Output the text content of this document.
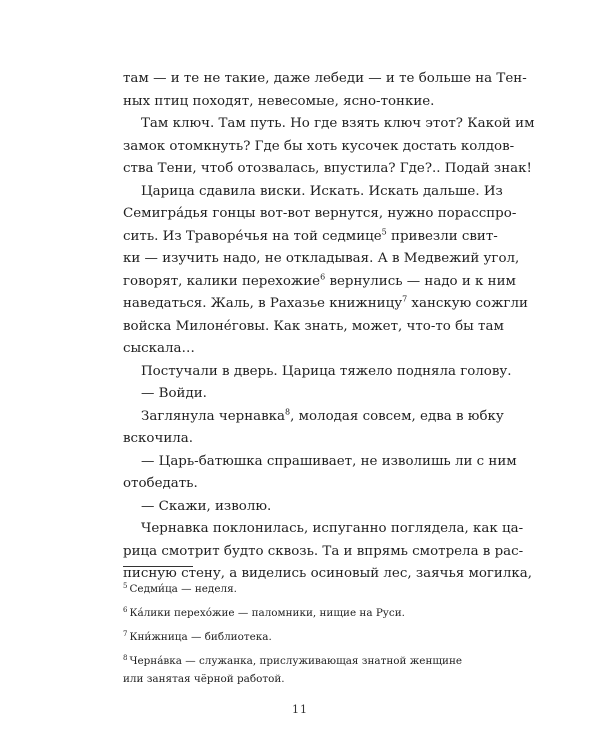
там — и те не такие, даже лебеди — и те больше на Тен-
ных птиц походят, невесомые, ясно-тонкие.
Там ключ. Там путь. Но где взять ключ этот? Какой им
замок отомкнуть? Где бы хоть кусочек достать колдов-
ства Тени, чтоб отозвалась, впустила? Где?.. Подай знак!
Царица сдавила виски. Искать. Искать дальше. Из
Семигра́дья гонцы вот-вот вернутся, нужно порасспро-
сить. Из Травоpе́чья на той седмице$^5$ привезли свит-
ки — изучить надо, не откладывая. А в Медвежий угол,
говорят, калики перехожие$^6$ вернулись — надо и к ним
наведаться. Жаль, в Рахазье книжницу$^7$ ханскую сожгли
войска Милоне́говы. Как знать, может, что-то бы там
сыскала…
Постучали в дверь. Царица тяжело подняла голову.
— Войди.
Заглянула чернавка$^8$, молодая совсем, едва в юбку
вскочила.
— Царь-батюшка спрашивает, не изволишь ли с ним
отобедать.
— Скажи, изволю.
Чернавка поклонилась, испуганно поглядела, как ца-
рица смотрит будто сквозь. Та и впрямь смотрела в рас-
писную стену, а виделись осиновый лес, заячья могилка,
$^5$ Седми́ца — неделя.
$^6$ Ка́лики перехо́жие — паломники, нищие на Руси.
$^7$ Кни́жница — библиотека.
$^8$ Черна́вка — служанка, прислуживающая знатной женщине или занятая чёрной работой.
11
